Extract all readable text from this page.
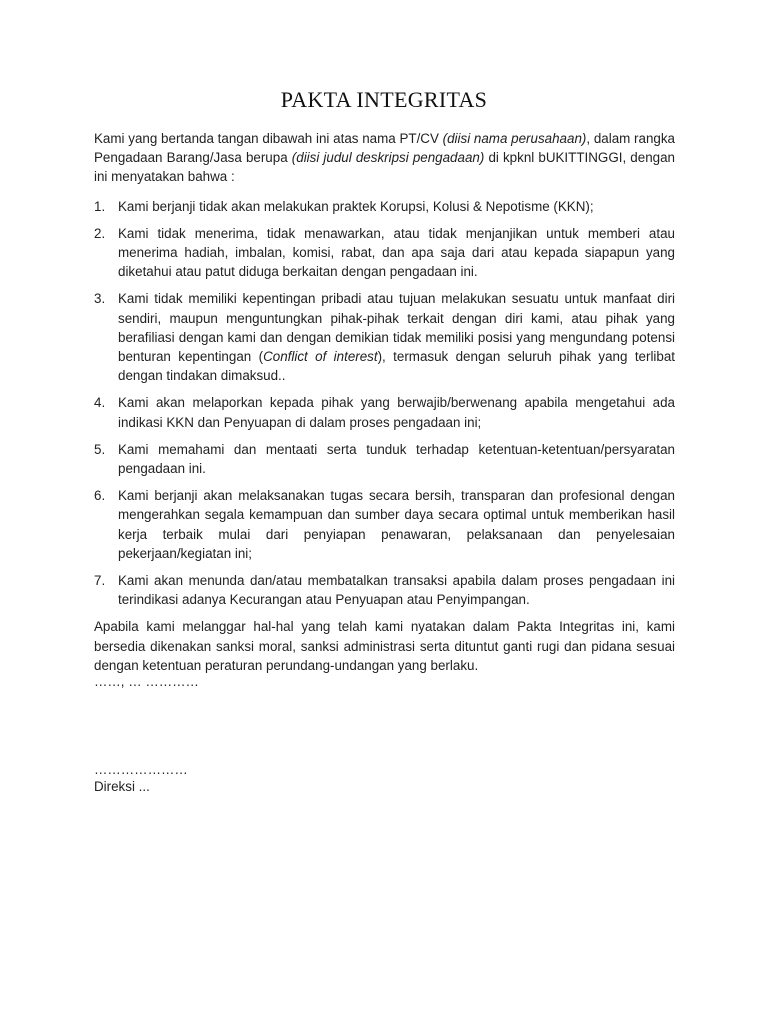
PAKTA INTEGRITAS

Kami yang bertanda tangan dibawah ini atas nama PT/CV (diisi nama perusahaan), dalam rangka Pengadaan Barang/Jasa berupa (diisi judul deskripsi pengadaan) di kpknl bUKITTINGGI, dengan ini menyatakan bahwa :

1. Kami berjanji tidak akan melakukan praktek Korupsi, Kolusi & Nepotisme (KKN);
2. Kami tidak menerima, tidak menawarkan, atau tidak menjanjikan untuk memberi atau menerima hadiah, imbalan, komisi, rabat, dan apa saja dari atau kepada siapapun yang diketahui atau patut diduga berkaitan dengan pengadaan ini.
3. Kami tidak memiliki kepentingan pribadi atau tujuan melakukan sesuatu untuk manfaat diri sendiri, maupun menguntungkan pihak-pihak terkait dengan diri kami, atau pihak yang berafiliasi dengan kami dan dengan demikian tidak memiliki posisi yang mengundang potensi benturan kepentingan (Conflict of interest), termasuk dengan seluruh pihak yang terlibat dengan tindakan dimaksud..
4. Kami akan melaporkan kepada pihak yang berwajib/berwenang apabila mengetahui ada indikasi KKN dan Penyuapan di dalam proses pengadaan ini;
5. Kami memahami dan mentaati serta tunduk terhadap ketentuan-ketentuan/persyaratan pengadaan ini.
6. Kami berjanji akan melaksanakan tugas secara bersih, transparan dan profesional dengan mengerahkan segala kemampuan dan sumber daya secara optimal untuk memberikan hasil kerja terbaik mulai dari penyiapan penawaran, pelaksanaan dan penyelesaian pekerjaan/kegiatan ini;
7. Kami akan menunda dan/atau membatalkan transaksi apabila dalam proses pengadaan ini terindikasi adanya Kecurangan atau Penyuapan atau Penyimpangan.

Apabila kami melanggar hal-hal yang telah kami nyatakan dalam Pakta Integritas ini, kami bersedia dikenakan sanksi moral, sanksi administrasi serta dituntut ganti rugi dan pidana sesuai dengan ketentuan peraturan perundang-undangan yang berlaku.

……, … …………
…………………
Direksi ...
